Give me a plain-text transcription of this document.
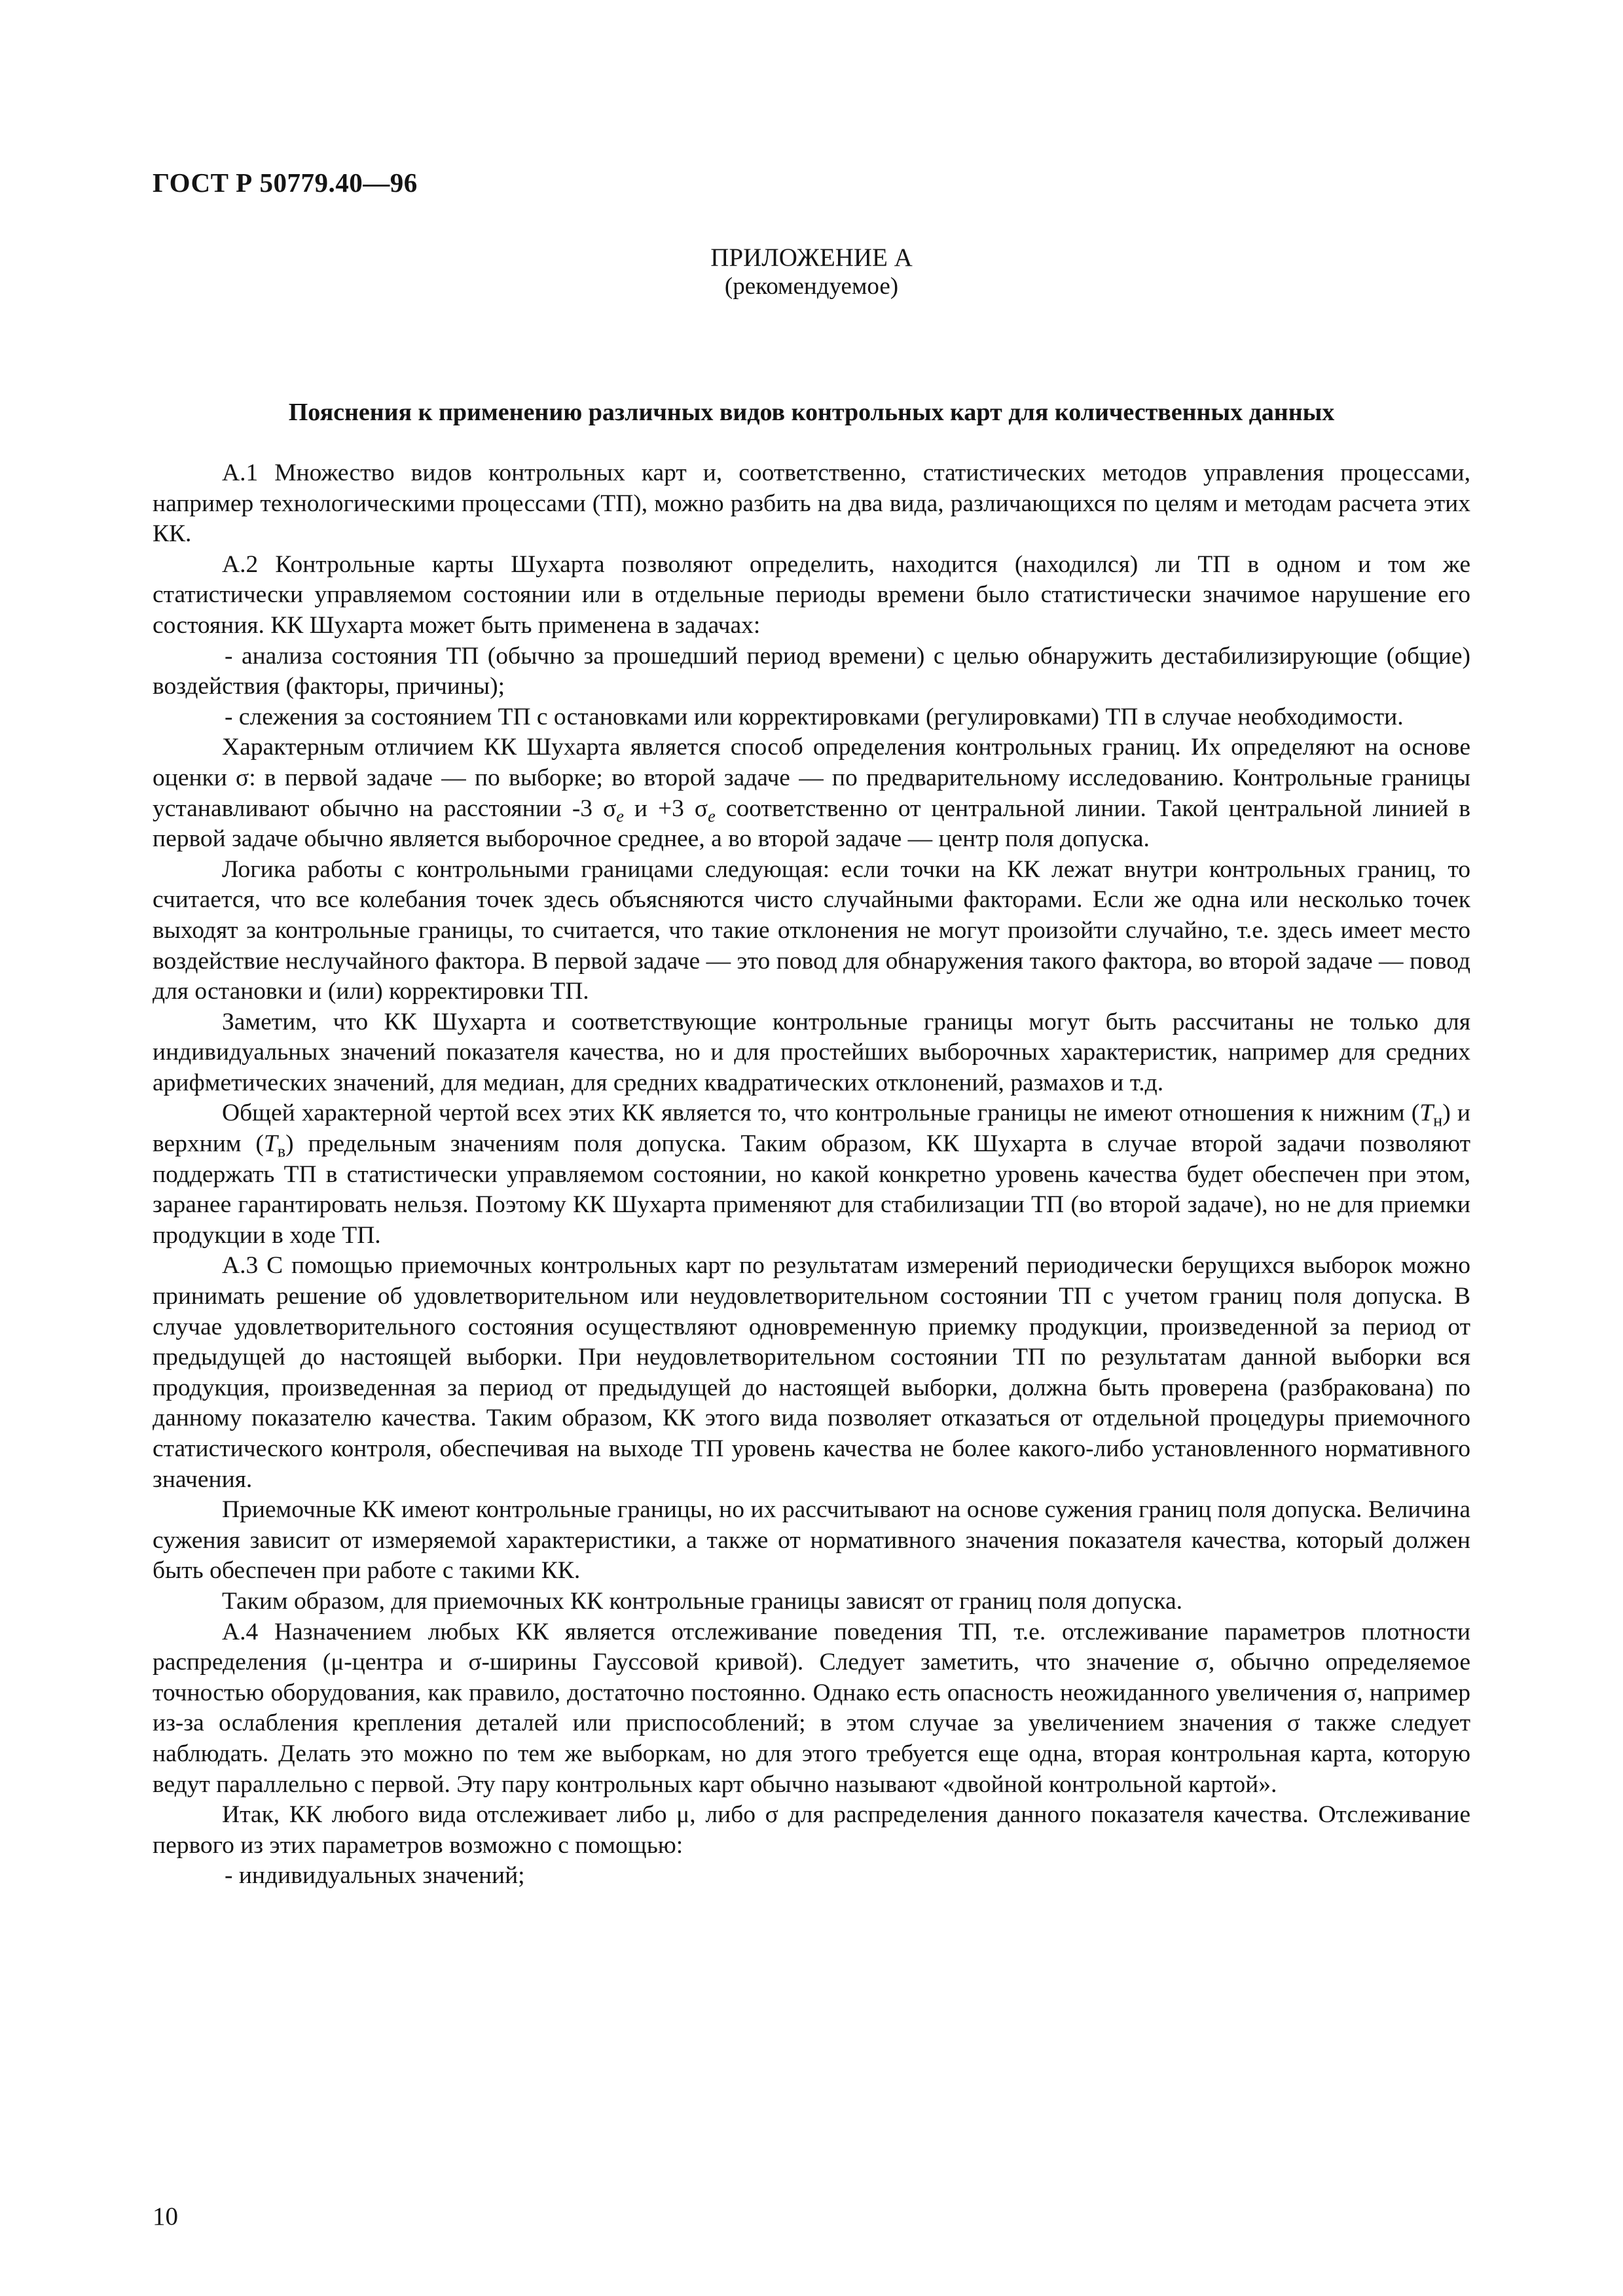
ГОСТ Р 50779.40—96
ПРИЛОЖЕНИЕ А
(рекомендуемое)
Пояснения к применению различных видов контрольных карт для количественных данных

А.1 Множество видов контрольных карт и, соответственно, статистических методов управления процессами, например технологическими процессами (ТП), можно разбить на два вида, различающихся по целям и методам расчета этих КК.

А.2 Контрольные карты Шухарта позволяют определить, находится (находился) ли ТП в одном и том же статистически управляемом состоянии или в отдельные периоды времени было статистически значимое нарушение его состояния. КК Шухарта может быть применена в задачах:

- анализа состояния ТП (обычно за прошедший период времени) с целью обнаружить дестабилизирующие (общие) воздействия (факторы, причины);

- слежения за состоянием ТП с остановками или корректировками (регулировками) ТП в случае необходимости.

Характерным отличием КК Шухарта является способ определения контрольных границ. Их определяют на основе оценки σ: в первой задаче — по выборке; во второй задаче — по предварительному исследованию. Контрольные границы устанавливают обычно на расстоянии -3 $\sigma_e$ и +3 $\sigma_e$ соответственно от центральной линии. Такой центральной линией в первой задаче обычно является выборочное среднее, а во второй задаче — центр поля допуска.

Логика работы с контрольными границами следующая: если точки на КК лежат внутри контрольных границ, то считается, что все колебания точек здесь объясняются чисто случайными факторами. Если же одна или несколько точек выходят за контрольные границы, то считается, что такие отклонения не могут произойти случайно, т.е. здесь имеет место воздействие неслучайного фактора. В первой задаче — это повод для обнаружения такого фактора, во второй задаче — повод для остановки и (или) корректировки ТП.

Заметим, что КК Шухарта и соответствующие контрольные границы могут быть рассчитаны не только для индивидуальных значений показателя качества, но и для простейших выборочных характеристик, например для средних арифметических значений, для медиан, для средних квадратических отклонений, размахов и т.д.

Общей характерной чертой всех этих КК является то, что контрольные границы не имеют отношения к нижним $(T_н)$ и верхним $(T_в)$ предельным значениям поля допуска. Таким образом, КК Шухарта в случае второй задачи позволяют поддержать ТП в статистически управляемом состоянии, но какой конкретно уровень качества будет обеспечен при этом, заранее гарантировать нельзя. Поэтому КК Шухарта применяют для стабилизации ТП (во второй задаче), но не для приемки продукции в ходе ТП.

А.3 С помощью приемочных контрольных карт по результатам измерений периодически берущихся выборок можно принимать решение об удовлетворительном или неудовлетворительном состоянии ТП с учетом границ поля допуска. В случае удовлетворительного состояния осуществляют одновременную приемку продукции, произведенной за период от предыдущей до настоящей выборки. При неудовлетворительном состоянии ТП по результатам данной выборки вся продукция, произведенная за период от предыдущей до настоящей выборки, должна быть проверена (разбракована) по данному показателю качества. Таким образом, КК этого вида позволяет отказаться от отдельной процедуры приемочного статистического контроля, обеспечивая на выходе ТП уровень качества не более какого-либо установленного нормативного значения.

Приемочные КК имеют контрольные границы, но их рассчитывают на основе сужения границ поля допуска. Величина сужения зависит от измеряемой характеристики, а также от нормативного значения показателя качества, который должен быть обеспечен при работе с такими КК.

Таким образом, для приемочных КК контрольные границы зависят от границ поля допуска.

А.4 Назначением любых КК является отслеживание поведения ТП, т.е. отслеживание параметров плотности распределения (μ-центра и σ-ширины Гауссовой кривой). Следует заметить, что значение σ, обычно определяемое точностью оборудования, как правило, достаточно постоянно. Однако есть опасность неожиданного увеличения σ, например из-за ослабления крепления деталей или приспособлений; в этом случае за увеличением значения σ также следует наблюдать. Делать это можно по тем же выборкам, но для этого требуется еще одна, вторая контрольная карта, которую ведут параллельно с первой. Эту пару контрольных карт обычно называют «двойной контрольной картой».

Итак, КК любого вида отслеживает либо μ, либо σ для распределения данного показателя качества. Отслеживание первого из этих параметров возможно с помощью:

- индивидуальных значений;

10
